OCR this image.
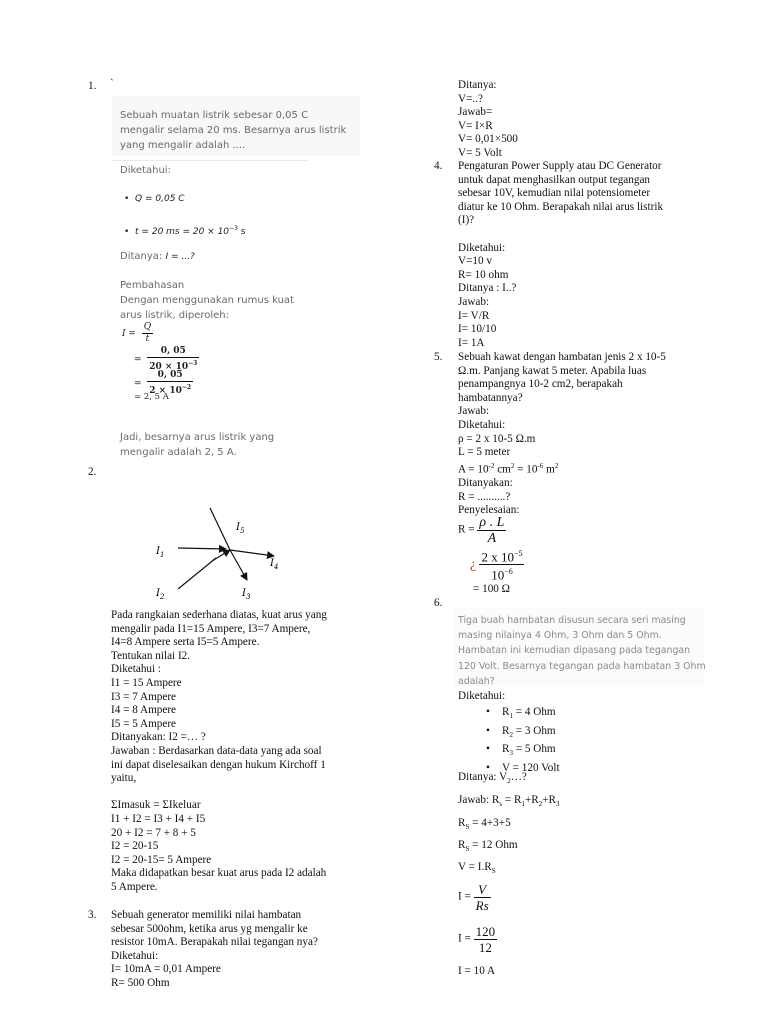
1. `
Sebuah muatan listrik sebesar 0,05 C
mengalir selama 20 ms. Besarnya arus listrik
yang mengalir adalah ....
Diketahui:
• Q = 0,05 C
• t = 20 ms = $20 \times 10^{-3}$ s
Ditanya: I = ...?
Pembahasan
Dengan menggunakan rumus kuat
arus listrik, diperoleh:
$I = \frac{Q}{t}$
= $\frac{0, 05}{20 \times 10^{-3}}$
= $\frac{0, 05}{2 \times 10^{-2}}$
= 2, 5 A
Jadi, besarnya arus listrik yang
mengalir adalah 2, 5 A.
2.
$I_1$
$I_5$
$I_4$
$I_3$
$I_2$
Pada rangkaian sederhana diatas, kuat arus yang
mengalir pada I1=15 Ampere, I3=7 Ampere,
I4=8 Ampere serta I5=5 Ampere.
Tentukan nilai I2.
Diketahui :
I1 = 15 Ampere
I3 = 7 Ampere
I4 = 8 Ampere
I5 = 5 Ampere
Ditanyakan: I2 =… ?
Jawaban : Berdasarkan data-data yang ada soal
ini dapat diselesaikan dengan hukum Kirchoff 1
yaitu,
ΣImasuk = ΣIkeluar
I1 + I2 = I3 + I4 + I5
20 + I2 = 7 + 8 + 5
I2 = 20-15
I2 = 20-15= 5 Ampere
Maka didapatkan besar kuat arus pada I2 adalah
5 Ampere.
3. Sebuah generator memiliki nilai hambatan
sebesar 500ohm, ketika arus yg mengalir ke
resistor 10mA. Berapakah nilai tegangan nya?
Diketahui:
I= 10mA = 0,01 Ampere
R= 500 Ohm
Ditanya:
V=..?
Jawab=
V= I×R
V= 0,01×500
V= 5 Volt
4. Pengaturan Power Supply atau DC Generator
untuk dapat menghasilkan output tegangan
sebesar 10V, kemudian nilai potensiometer
diatur ke 10 Ohm. Berapakah nilai arus listrik
(I)?
Diketahui:
V=10 v
R= 10 ohm
Ditanya : I..?
Jawab:
I= V/R
I= 10/10
I= 1A
5. Sebuah kawat dengan hambatan jenis 2 x 10-5
Ω.m. Panjang kawat 5 meter. Apabila luas
penampangnya 10-2 cm2, berapakah
hambatannya?
Jawab:
Diketahui:
ρ = 2 x 10-5 Ω.m
L = 5 meter
$A = 10^{-2}$ $cm^2 = 10^{-6}$ $m^2$
Ditanyakan:
R = ..........?
Penyelesaian:
$R = \frac{\rho . L}{A}$
¿ $\frac{2 x 10^{-5}}{10^{-6}}$
= 100 Ω
6.
Tiga buah hambatan disusun secara seri masing
masing nilainya 4 Ohm, 3 Ohm dan 5 Ohm.
Hambatan ini kemudian dipasang pada tegangan
120 Volt. Besarnya tegangan pada hambatan 3 Ohm
adalah?
Diketahui:
• $R_1 = 4$ Ohm
• $R_2 = 3$ Ohm
• $R_3 = 5$ Ohm
• V = 120 Volt
Ditanya: $V_2\dots$?
Jawab: $R_s = R_1+R_2+R_3$
$R_S = 4+3+5$
$R_S = 12$ Ohm
$V = I.R_S$
$I = \frac{V}{Rs}$
$I = \frac{120}{12}$
I = 10 A
